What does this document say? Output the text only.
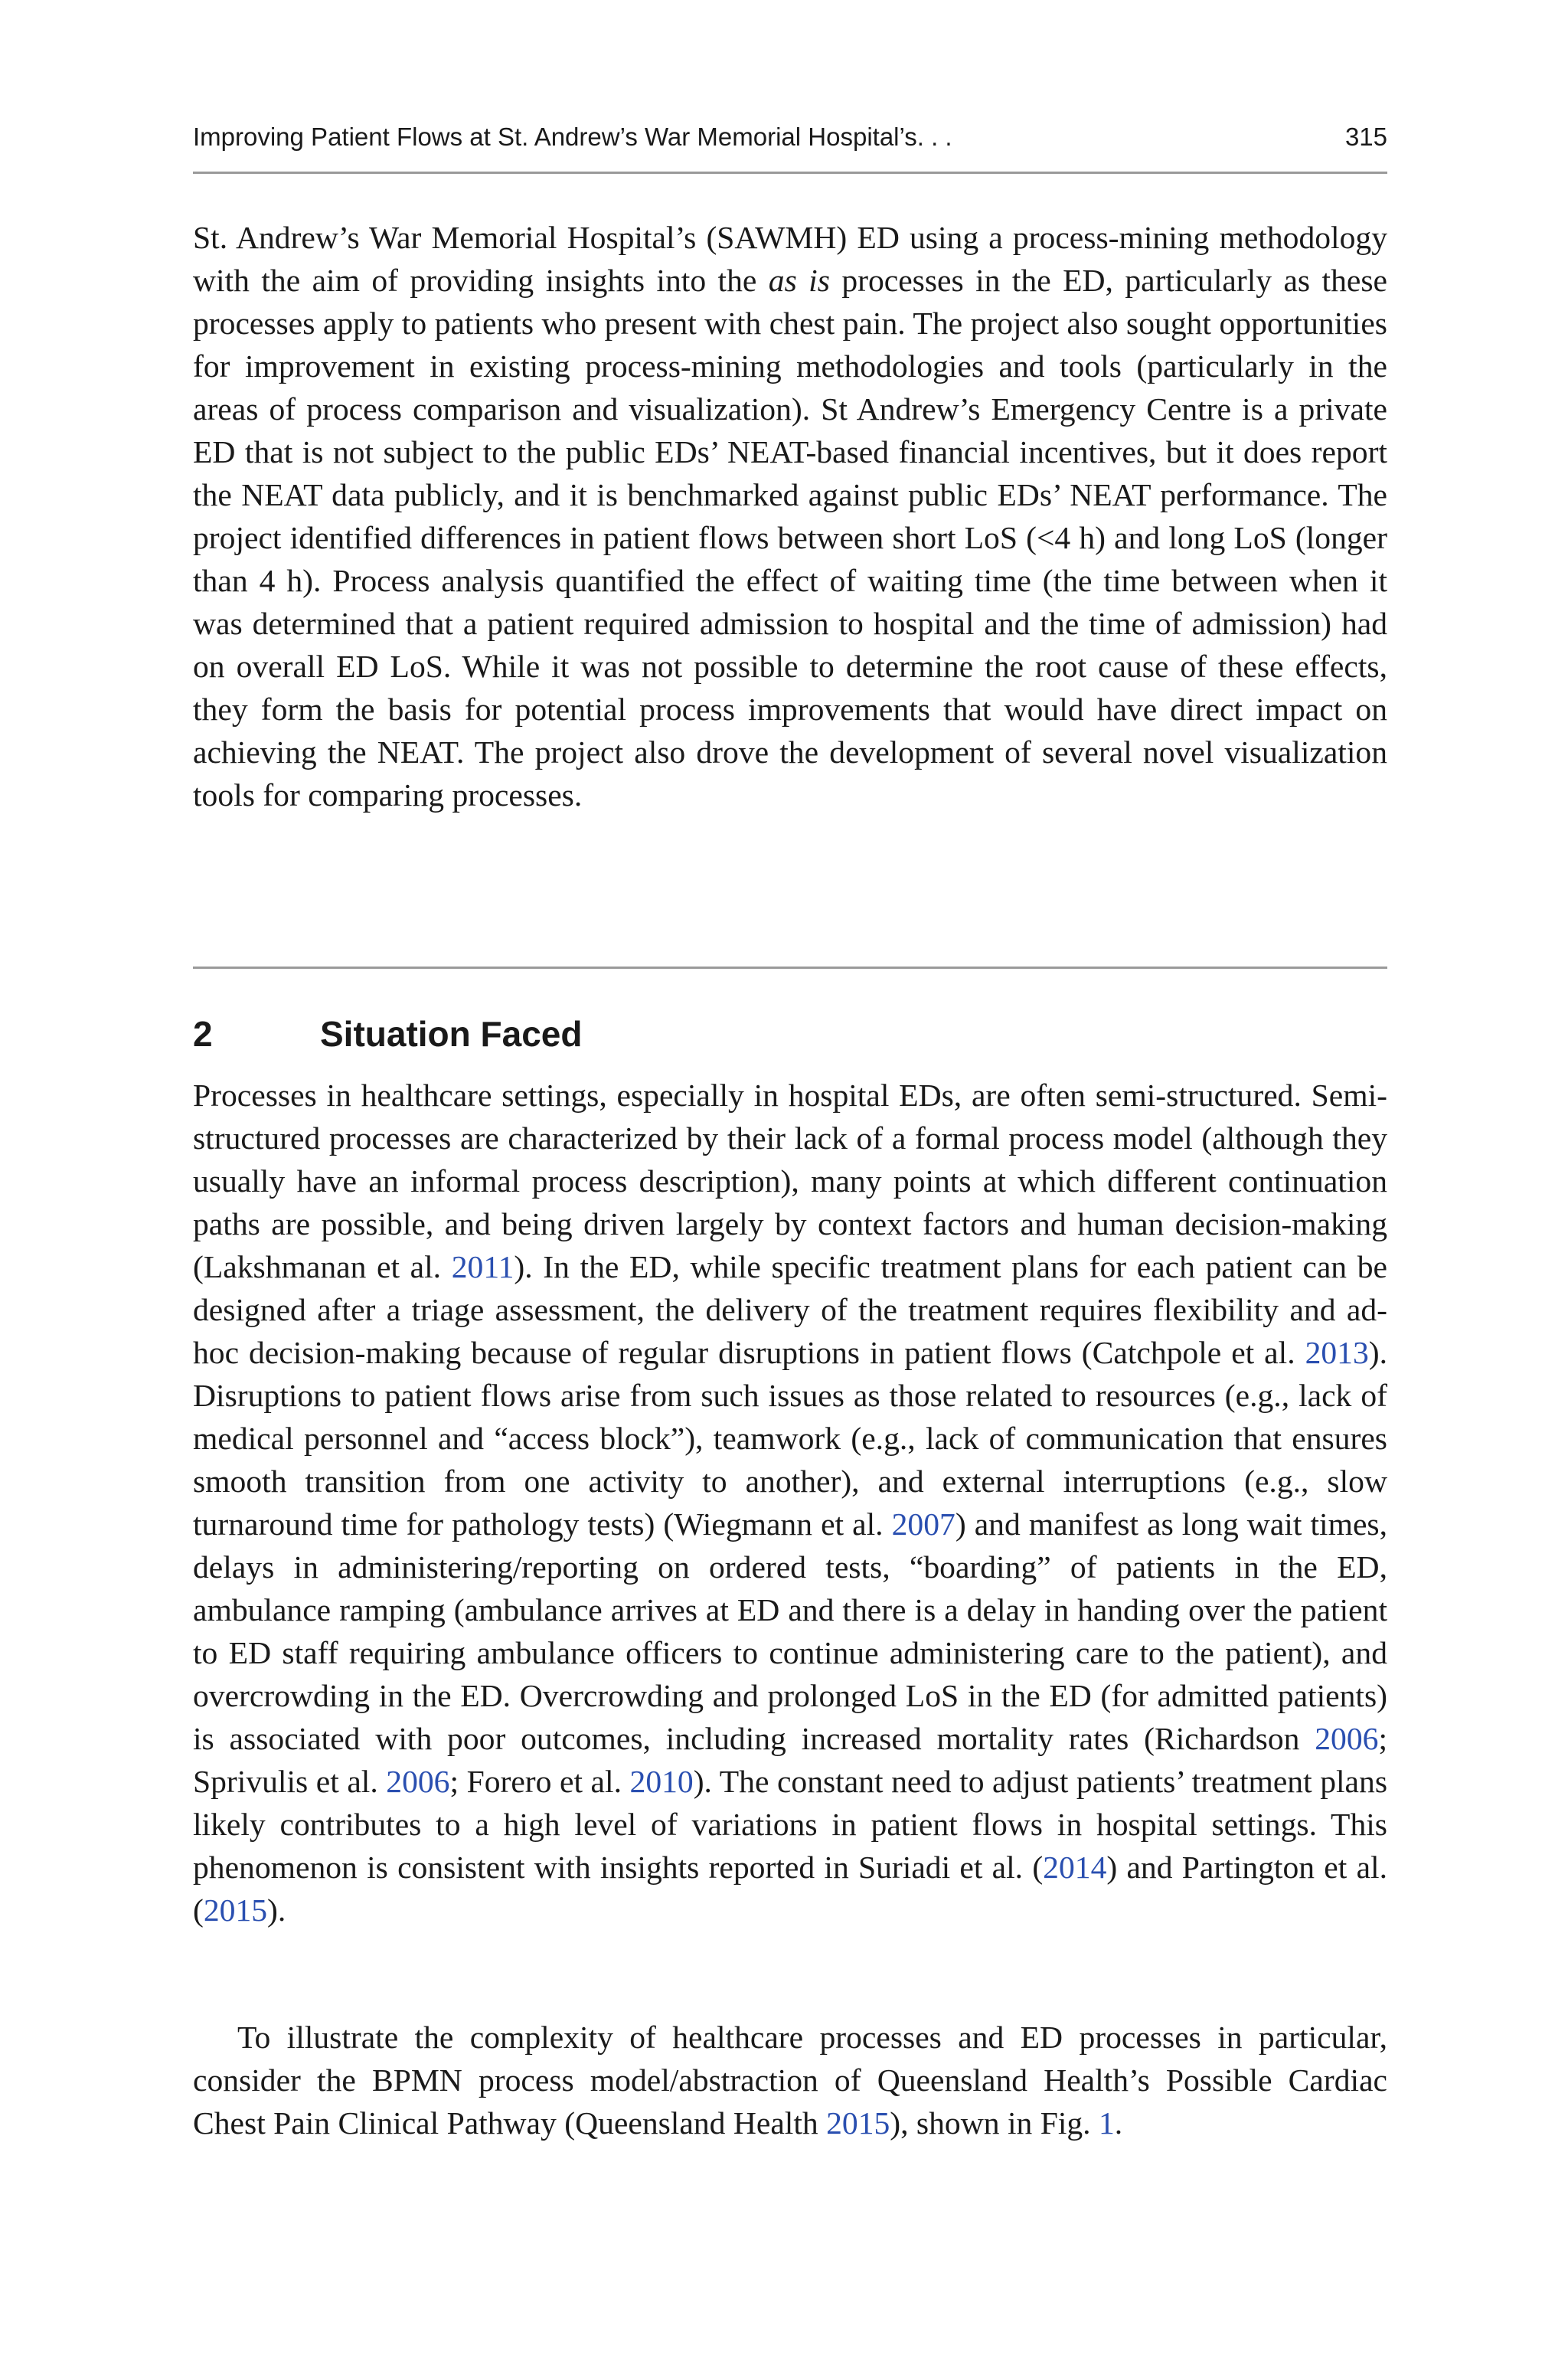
Improving Patient Flows at St. Andrew’s War Memorial Hospital’s. . .	315

St. Andrew’s War Memorial Hospital’s (SAWMH) ED using a process-mining methodology with the aim of providing insights into the as is processes in the ED, particularly as these processes apply to patients who present with chest pain. The project also sought opportunities for improvement in existing process-mining methodologies and tools (particularly in the areas of process comparison and visualization). St Andrew’s Emergency Centre is a private ED that is not subject to the public EDs’ NEAT-based financial incentives, but it does report the NEAT data publicly, and it is benchmarked against public EDs’ NEAT performance. The project identified differences in patient flows between short LoS (<4 h) and long LoS (longer than 4 h). Process analysis quantified the effect of waiting time (the time between when it was determined that a patient required admission to hospital and the time of admission) had on overall ED LoS. While it was not possible to determine the root cause of these effects, they form the basis for potential process improvements that would have direct impact on achieving the NEAT. The project also drove the development of several novel visualization tools for comparing processes.

2	Situation Faced

Processes in healthcare settings, especially in hospital EDs, are often semi-structured. Semi-structured processes are characterized by their lack of a formal process model (although they usually have an informal process description), many points at which different continuation paths are possible, and being driven largely by context factors and human decision-making (Lakshmanan et al. 2011). In the ED, while specific treatment plans for each patient can be designed after a triage assessment, the delivery of the treatment requires flexibility and ad-hoc decision-making because of regular disruptions in patient flows (Catchpole et al. 2013). Disruptions to patient flows arise from such issues as those related to resources (e.g., lack of medical personnel and “access block”), teamwork (e.g., lack of communication that ensures smooth transition from one activity to another), and external interruptions (e.g., slow turnaround time for pathology tests) (Wiegmann et al. 2007) and manifest as long wait times, delays in administering/reporting on ordered tests, “boarding” of patients in the ED, ambulance ramping (ambulance arrives at ED and there is a delay in handing over the patient to ED staff requiring ambulance officers to continue administering care to the patient), and overcrowding in the ED. Overcrowding and prolonged LoS in the ED (for admitted patients) is associated with poor outcomes, including increased mortality rates (Richardson 2006; Sprivulis et al. 2006; Forero et al. 2010). The constant need to adjust patients’ treatment plans likely contributes to a high level of variations in patient flows in hospital settings. This phenomenon is consistent with insights reported in Suriadi et al. (2014) and Partington et al. (2015).

To illustrate the complexity of healthcare processes and ED processes in particular, consider the BPMN process model/abstraction of Queensland Health’s Possible Cardiac Chest Pain Clinical Pathway (Queensland Health 2015), shown in Fig. 1.
